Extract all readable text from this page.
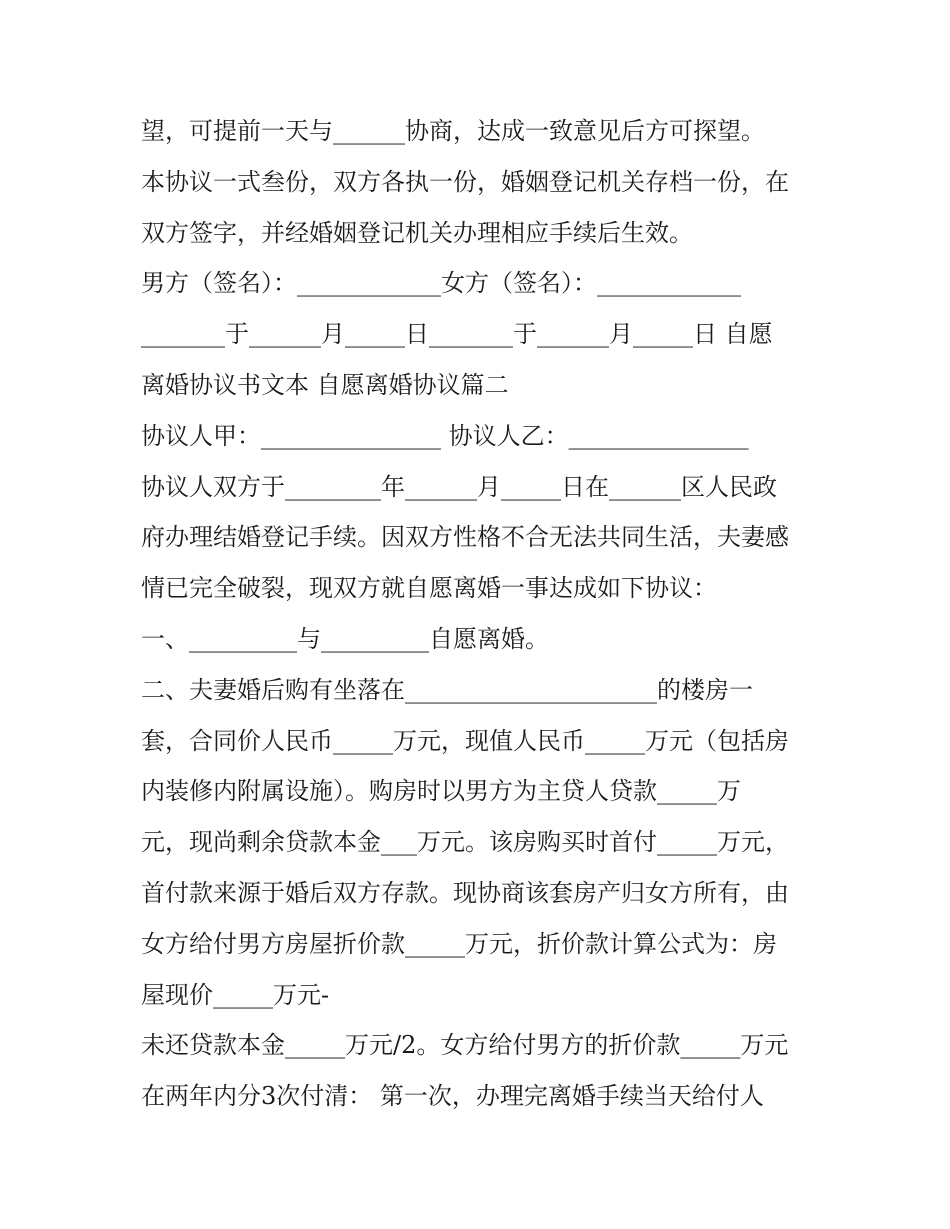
望，可提前一天与______协商，达成一致意见后方可探望。
本协议一式叁份，双方各执一份，婚姻登记机关存档一份，在
双方签字，并经婚姻登记机关办理相应手续后生效。
男方（签名）：____________女方（签名）：____________
_______于______月_____日_______于______月_____日 自愿
离婚协议书文本 自愿离婚协议篇二
协议人甲：_______________ 协议人乙：_______________
协议人双方于________年______月_____日在______区人民政
府办理结婚登记手续。因双方性格不合无法共同生活，夫妻感
情已完全破裂，现双方就自愿离婚一事达成如下协议：
一、_________与_________自愿离婚。
二、夫妻婚后购有坐落在_____________________的楼房一
套，合同价人民币_____万元，现值人民币_____万元（包括房
内装修内附属设施）。购房时以男方为主贷人贷款_____万
元，现尚剩余贷款本金___万元。该房购买时首付_____万元，
首付款来源于婚后双方存款。现协商该套房产归女方所有，由
女方给付男方房屋折价款_____万元，折价款计算公式为：房
屋现价_____万元-
未还贷款本金_____万元/2。女方给付男方的折价款_____万元
在两年内分3次付清： 第一次，办理完离婚手续当天给付人
